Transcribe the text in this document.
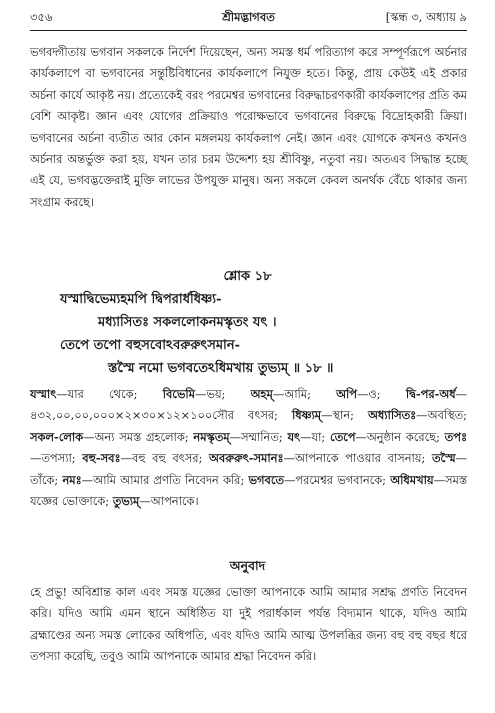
৩৫৬	শ্রীমদ্ভাগবত	[স্কন্ধ ৩, অধ্যায় ৯
ভগবদ্গীতায় ভগবান সকলকে নির্দেশ দিয়েছেন, অন্য সমস্ত ধর্ম পরিত্যাগ করে সম্পূর্ণরূপে অর্চনার কার্যকলাপে বা ভগবানের সন্তুষ্টিবিধানের কার্যকলাপে নিযুক্ত হতে। কিন্তু, প্রায় কেউই এই প্রকার অর্চনা কার্যে আকৃষ্ট নয়। প্রত্যেকেই বরং পরমেশ্বর ভগবানের বিরুদ্ধাচরণকারী কার্যকলাপের প্রতি কম বেশি আকৃষ্ট। জ্ঞান এবং যোগের প্রক্রিয়াও পরোক্ষভাবে ভগবানের বিরুদ্ধে বিদ্রোহকারী ক্রিয়া। ভগবানের অর্চনা ব্যতীত আর কোন মঙ্গলময় কার্যকলাপ নেই। জ্ঞান এবং যোগকে কখনও কখনও অর্চনার অন্তর্ভুক্ত করা হয়, যখন তার চরম উদ্দেশ্য হয় শ্রীবিষ্ণু, নতুবা নয়। অতএব সিদ্ধান্ত হচ্ছে এই যে, ভগবদ্ভক্তেরাই মুক্তি লাভের উপযুক্ত মানুষ। অন্য সকলে কেবল অনর্থক বেঁচে থাকার জন্য সংগ্রাম করছে।
শ্লোক ১৮
যস্মাদ্বিভেম্যহমপি দ্বিপরার্ধধিষ্ণ্য-
মধ্যাসিতঃ সকললোকনমস্কৃতং যৎ ।
তেপে তপো বহুসবোঽবরুরুৎসমান-
স্তস্মৈ নমো ভগবতেঽধিমখায় তুভ্যম্ ॥ ১৮ ॥
যস্মাৎ—যার থেকে; বিভেমি—ভয়; অহম্—আমি; অপি—ও; দ্বি-পর-অর্ধ—৪৩২,০০,০০,০০০×২×৩০×১২×১০০সৌর বৎসর; ধিষ্ণ্যম্—স্থান; অধ্যাসিতঃ—অবস্থিত; সকল-লোক—অন্য সমস্ত গ্রহলোক; নমস্কৃতম্—সম্মানিত; যৎ—যা; তেপে—অনুষ্ঠান করেছে; তপঃ—তপস্যা; বহু-সবঃ—বহু বহু বৎসর; অবরুরুৎ-সমানঃ—আপনাকে পাওয়ার বাসনায়; তস্মৈ—তাঁকে; নমঃ—আমি আমার প্রণতি নিবেদন করি; ভগবতে—পরমেশ্বর ভগবানকে; অধিমখায়—সমস্ত যজ্ঞের ভোক্তাকে; তুভ্যম্—আপনাকে।
অনুবাদ
হে প্রভু! অবিশ্রান্ত কাল এবং সমস্ত যজ্ঞের ভোক্তা আপনাকে আমি আমার সশ্রদ্ধ প্রণতি নিবেদন করি। যদিও আমি এমন স্থানে অধিষ্ঠিত যা দুই পরার্ধকাল পর্যন্ত বিদ্যমান থাকে, যদিও আমি ব্রহ্মাণ্ডের অন্য সমস্ত লোকের অধিপতি, এবং যদিও আমি আত্ম উপলব্ধির জন্য বহু বহু বছর ধরে তপস্যা করেছি, তবুও আমি আপনাকে আমার শ্রদ্ধা নিবেদন করি।
